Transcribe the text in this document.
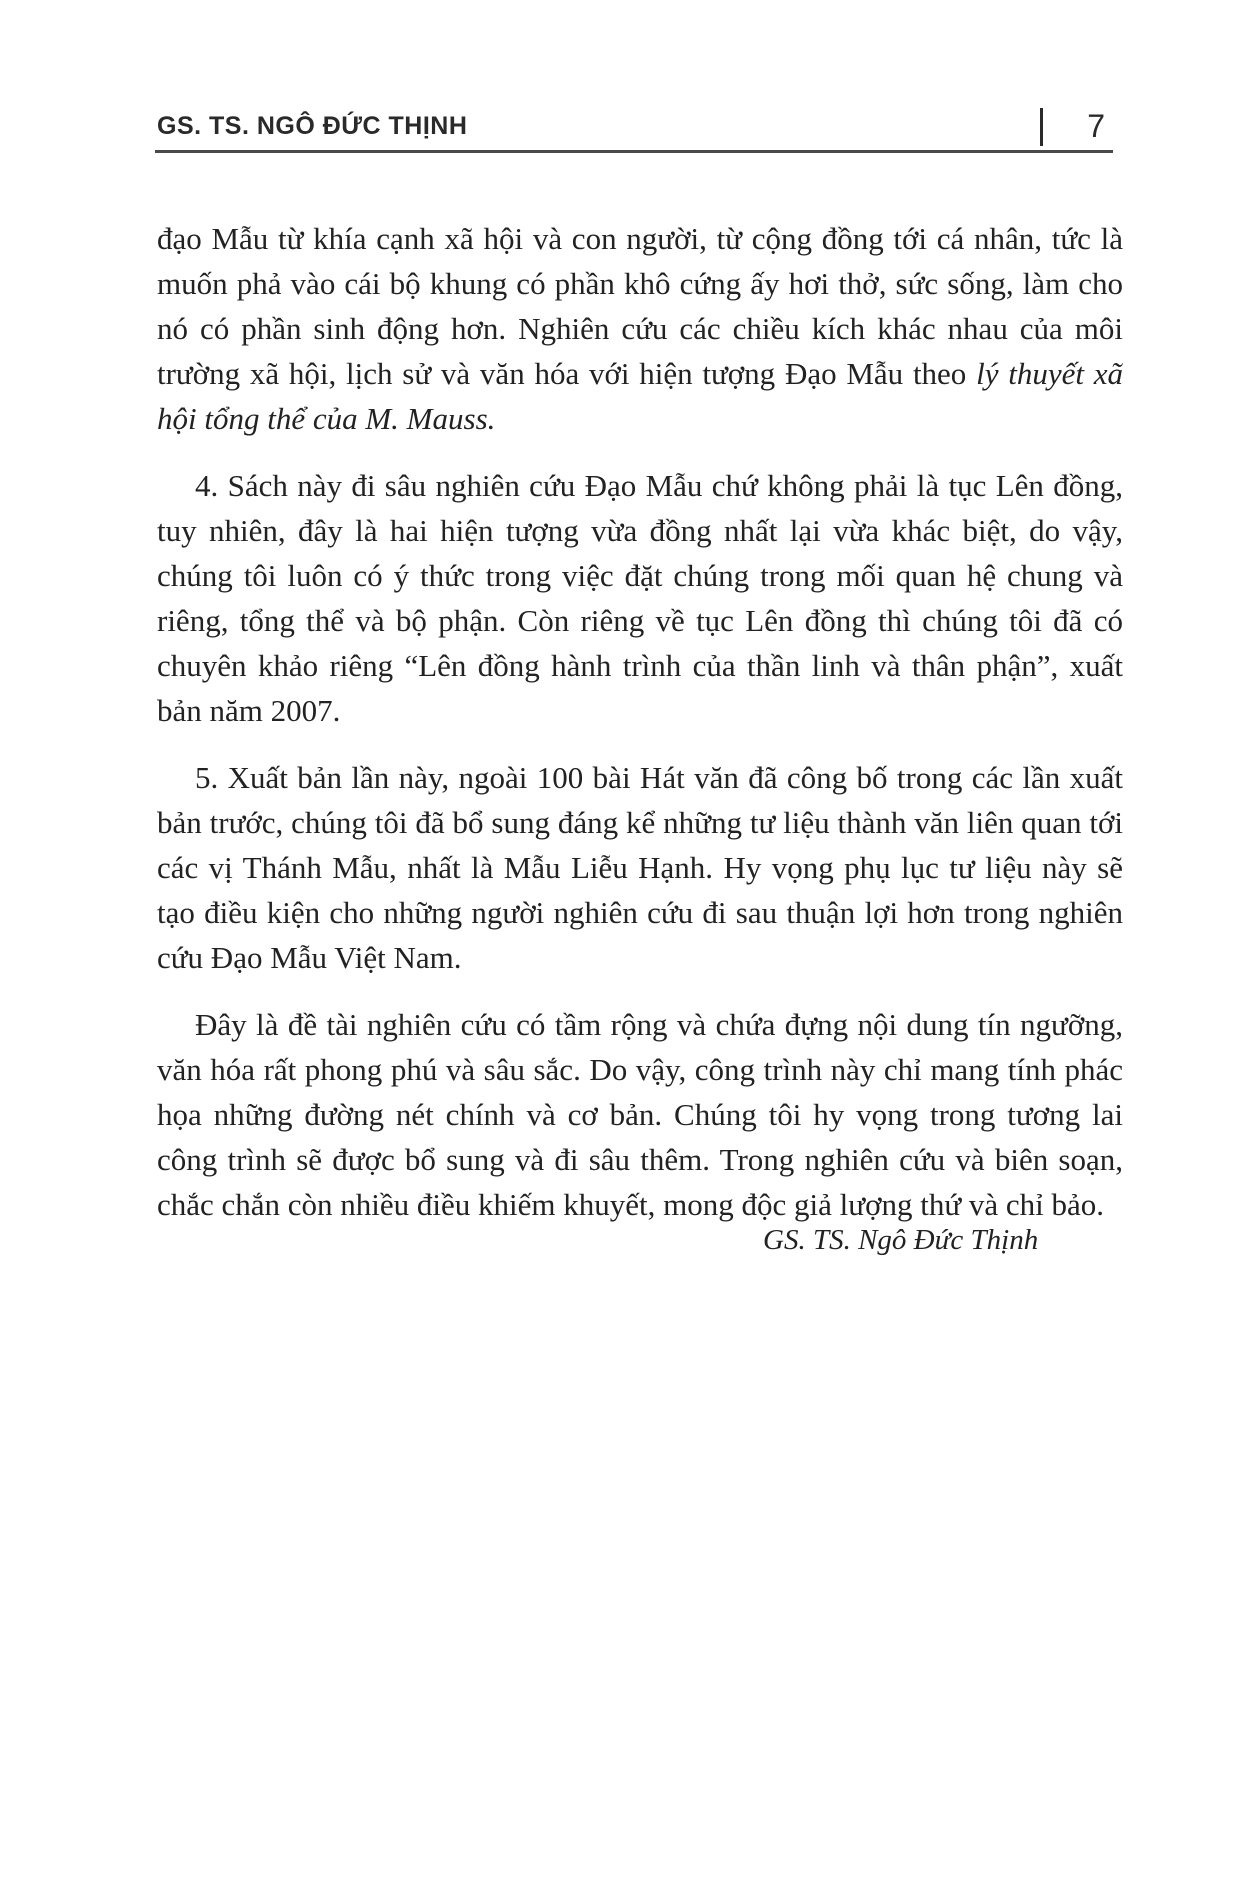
GS. TS. NGÔ ĐỨC THỊNH	7

đạo Mẫu từ khía cạnh xã hội và con người, từ cộng đồng tới cá nhân, tức là muốn phả vào cái bộ khung có phần khô cứng ấy hơi thở, sức sống, làm cho nó có phần sinh động hơn. Nghiên cứu các chiều kích khác nhau của môi trường xã hội, lịch sử và văn hóa với hiện tượng Đạo Mẫu theo lý thuyết xã hội tổng thể của M. Mauss.

4. Sách này đi sâu nghiên cứu Đạo Mẫu chứ không phải là tục Lên đồng, tuy nhiên, đây là hai hiện tượng vừa đồng nhất lại vừa khác biệt, do vậy, chúng tôi luôn có ý thức trong việc đặt chúng trong mối quan hệ chung và riêng, tổng thể và bộ phận. Còn riêng về tục Lên đồng thì chúng tôi đã có chuyên khảo riêng “Lên đồng hành trình của thần linh và thân phận”, xuất bản năm 2007.

5. Xuất bản lần này, ngoài 100 bài Hát văn đã công bố trong các lần xuất bản trước, chúng tôi đã bổ sung đáng kể những tư liệu thành văn liên quan tới các vị Thánh Mẫu, nhất là Mẫu Liễu Hạnh. Hy vọng phụ lục tư liệu này sẽ tạo điều kiện cho những người nghiên cứu đi sau thuận lợi hơn trong nghiên cứu Đạo Mẫu Việt Nam.

Đây là đề tài nghiên cứu có tầm rộng và chứa đựng nội dung tín ngưỡng, văn hóa rất phong phú và sâu sắc. Do vậy, công trình này chỉ mang tính phác họa những đường nét chính và cơ bản. Chúng tôi hy vọng trong tương lai công trình sẽ được bổ sung và đi sâu thêm. Trong nghiên cứu và biên soạn, chắc chắn còn nhiều điều khiếm khuyết, mong độc giả lượng thứ và chỉ bảo.

GS. TS. Ngô Đức Thịnh
